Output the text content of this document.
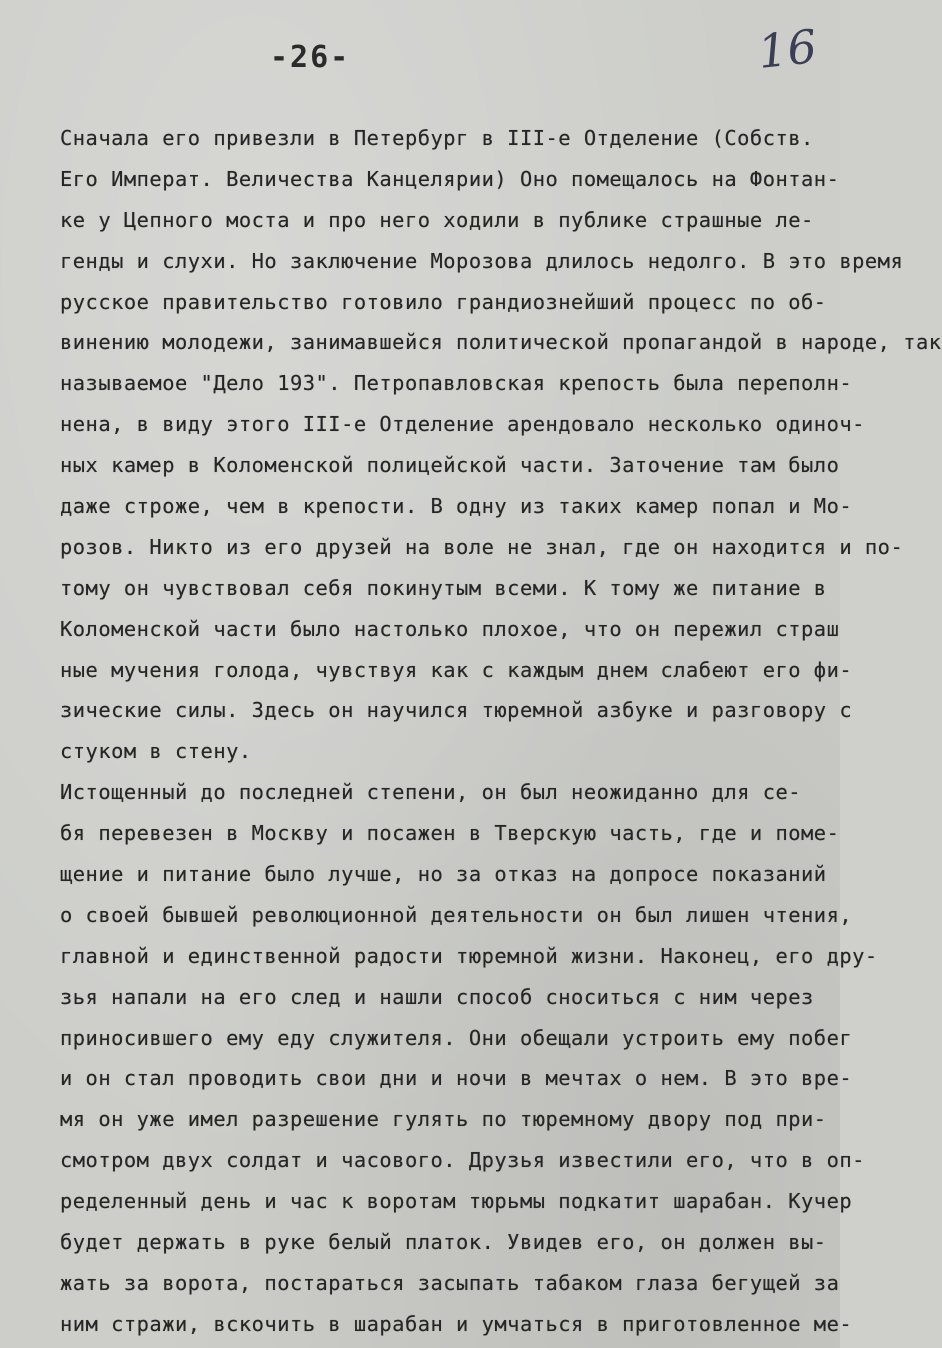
-26-	16
Сначала его привезли в Петербург в III-е Отделение (Собств.
Его Императ. Величества Канцелярии) Оно помещалось на Фонтан-
ке у Цепного моста и про него ходили в публике страшные ле-
генды и слухи. Но заключение Морозова длилось недолго. В это время
русское правительство готовило грандиознейший процесс по об-
винению молодежи, занимавшейся политической пропагандой в народе, так
называемое "Дело 193". Петропавловская крепость была переполн-
нена, в виду этого III-е Отделение арендовало несколько одиноч-
ных камер в Коломенской полицейской части. Заточение там было
даже строже, чем в крепости. В одну из таких камер попал и Мо-
розов. Никто из его друзей на воле не знал, где он находится и по-
тому он чувствовал себя покинутым всеми. К тому же питание в
Коломенской части было настолько плохое, что он пережил страш
ные мучения голода, чувствуя как с каждым днем слабеют его фи-
зические силы. Здесь он научился тюремной азбуке и разговору с
стуком в стену.
Истощенный до последней степени, он был неожиданно для се-
бя перевезен в Москву и посажен в Тверскую часть, где и поме-
щение и питание было лучше, но за отказ на допросе показаний
о своей бывшей революционной деятельности он был лишен чтения,
главной и единственной радости тюремной жизни. Наконец, его дру-
зья напали на его след и нашли способ сноситься с ним через
приносившего ему еду служителя. Они обещали устроить ему побег
и он стал проводить свои дни и ночи в мечтах о нем. В это вре-
мя он уже имел разрешение гулять по тюремному двору под при-
смотром двух солдат и часового. Друзья известили его, что в оп-
ределенный день и час к воротам тюрьмы подкатит шарабан. Кучер
будет держать в руке белый платок. Увидев его, он должен вы-
жать за ворота, постараться засыпать табаком глаза бегущей за
ним стражи, вскочить в шарабан и умчаться в приготовленное ме-
